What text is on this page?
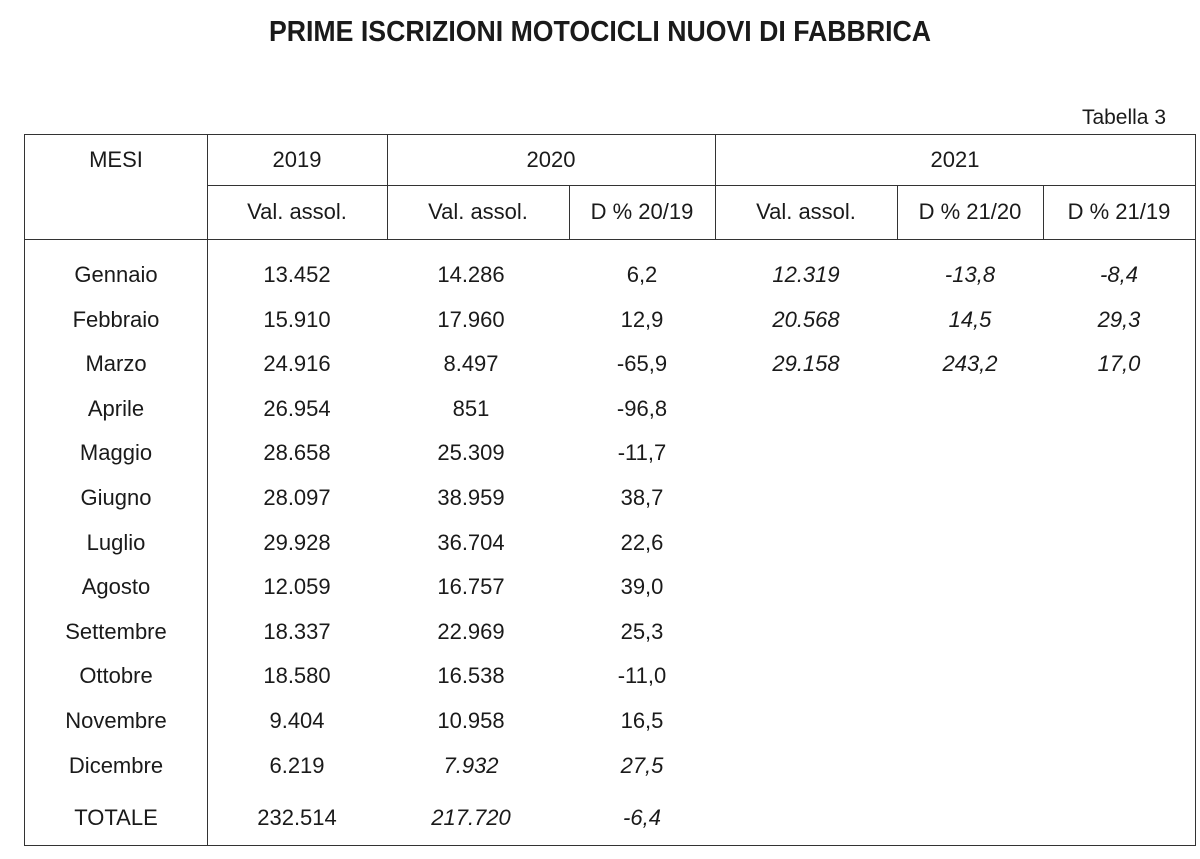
PRIME ISCRIZIONI MOTOCICLI NUOVI DI FABBRICA
Tabella 3
MESI	2019	2020	2021
Val. assol.	Val. assol.	D % 20/19	Val. assol.	D % 21/20	D % 21/19
Gennaio	13.452	14.286	6,2	12.319	-13,8	-8,4
Febbraio	15.910	17.960	12,9	20.568	14,5	29,3
Marzo	24.916	8.497	-65,9	29.158	243,2	17,0
Aprile	26.954	851	-96,8
Maggio	28.658	25.309	-11,7
Giugno	28.097	38.959	38,7
Luglio	29.928	36.704	22,6
Agosto	12.059	16.757	39,0
Settembre	18.337	22.969	25,3
Ottobre	18.580	16.538	-11,0
Novembre	9.404	10.958	16,5
Dicembre	6.219	7.932	27,5
TOTALE	232.514	217.720	-6,4
